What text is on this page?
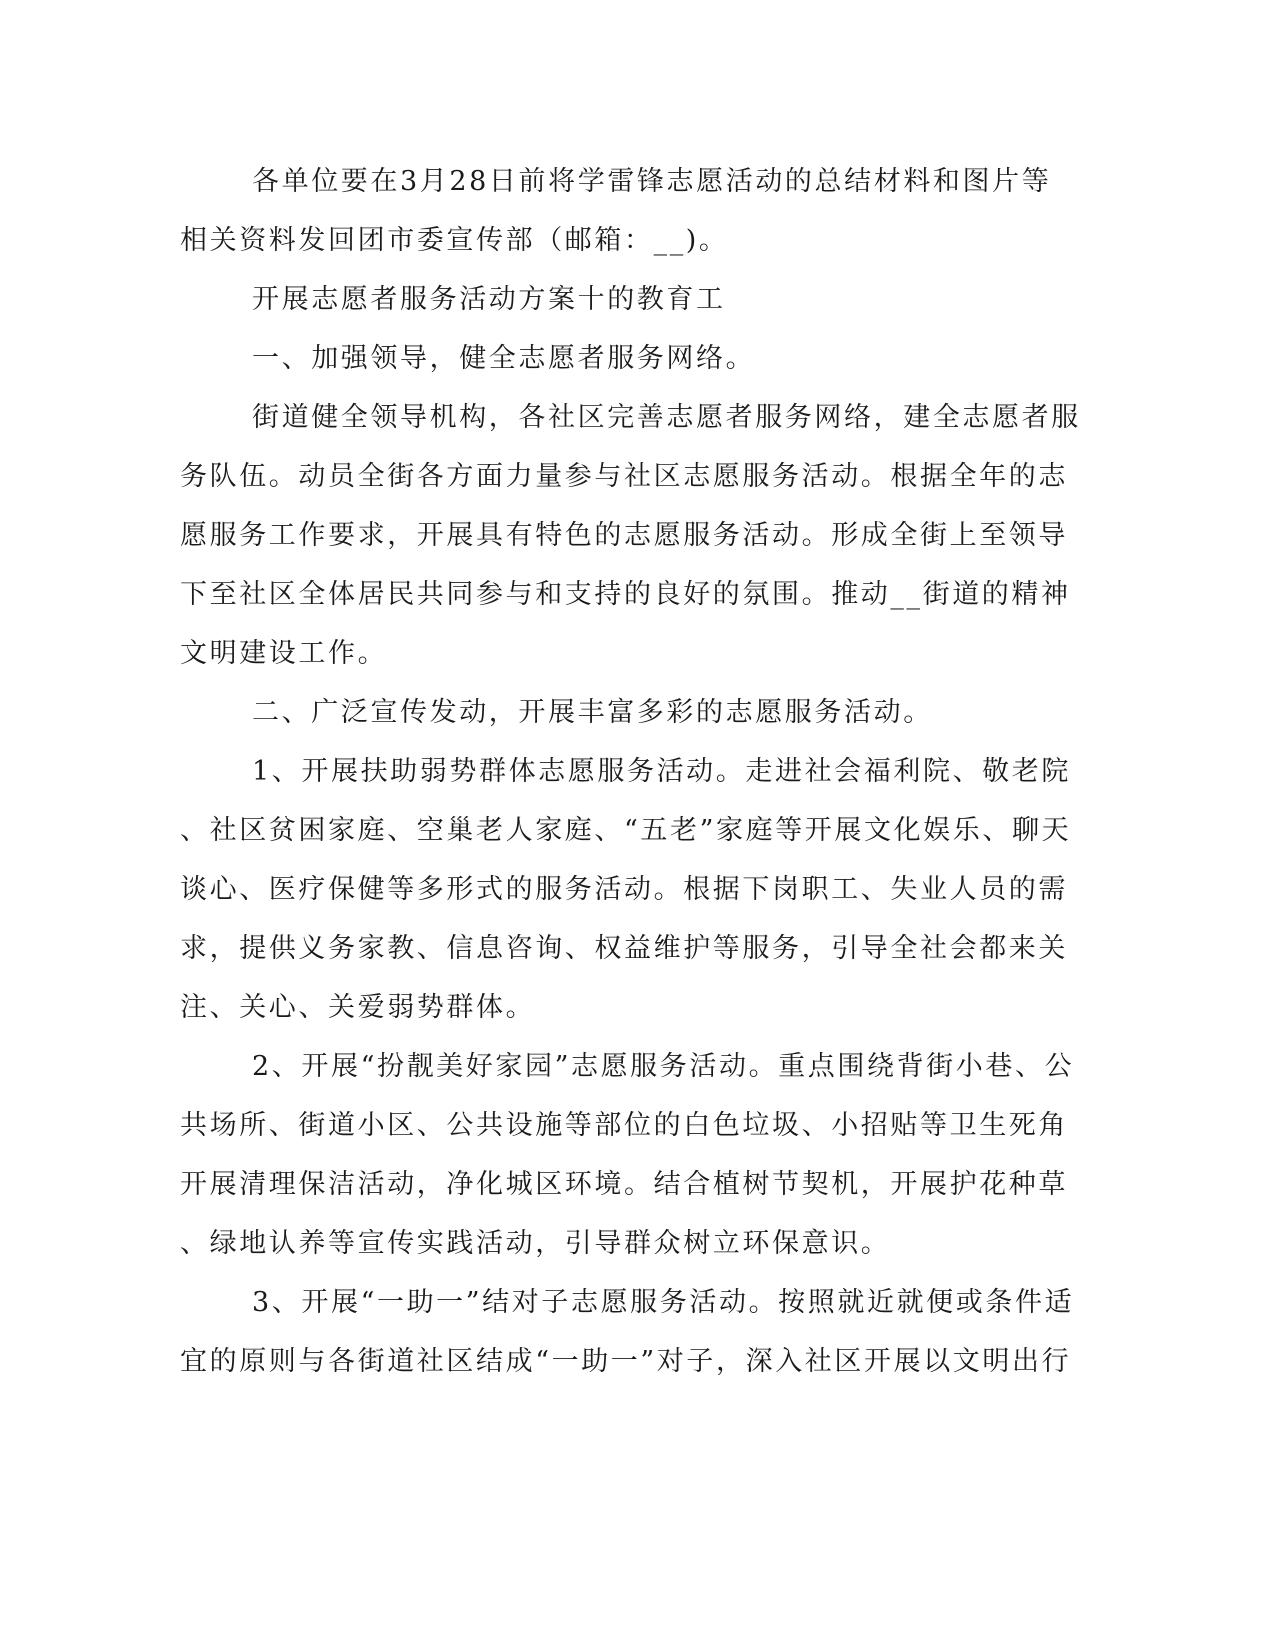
各单位要在3月28日前将学雷锋志愿活动的总结材料和图片等
相关资料发回团市委宣传部（邮箱：__)。
开展志愿者服务活动方案十的教育工
一、加强领导，健全志愿者服务网络。
街道健全领导机构，各社区完善志愿者服务网络，建全志愿者服
务队伍。动员全街各方面力量参与社区志愿服务活动。根据全年的志
愿服务工作要求，开展具有特色的志愿服务活动。形成全街上至领导
下至社区全体居民共同参与和支持的良好的氛围。推动__街道的精神
文明建设工作。
二、广泛宣传发动，开展丰富多彩的志愿服务活动。
1、开展扶助弱势群体志愿服务活动。走进社会福利院、敬老院
、社区贫困家庭、空巢老人家庭、“五老”家庭等开展文化娱乐、聊天
谈心、医疗保健等多形式的服务活动。根据下岗职工、失业人员的需
求，提供义务家教、信息咨询、权益维护等服务，引导全社会都来关
注、关心、关爱弱势群体。
2、开展“扮靓美好家园”志愿服务活动。重点围绕背街小巷、公
共场所、街道小区、公共设施等部位的白色垃圾、小招贴等卫生死角
开展清理保洁活动，净化城区环境。结合植树节契机，开展护花种草
、绿地认养等宣传实践活动，引导群众树立环保意识。
3、开展“一助一”结对子志愿服务活动。按照就近就便或条件适
宜的原则与各街道社区结成“一助一”对子，深入社区开展以文明出行
